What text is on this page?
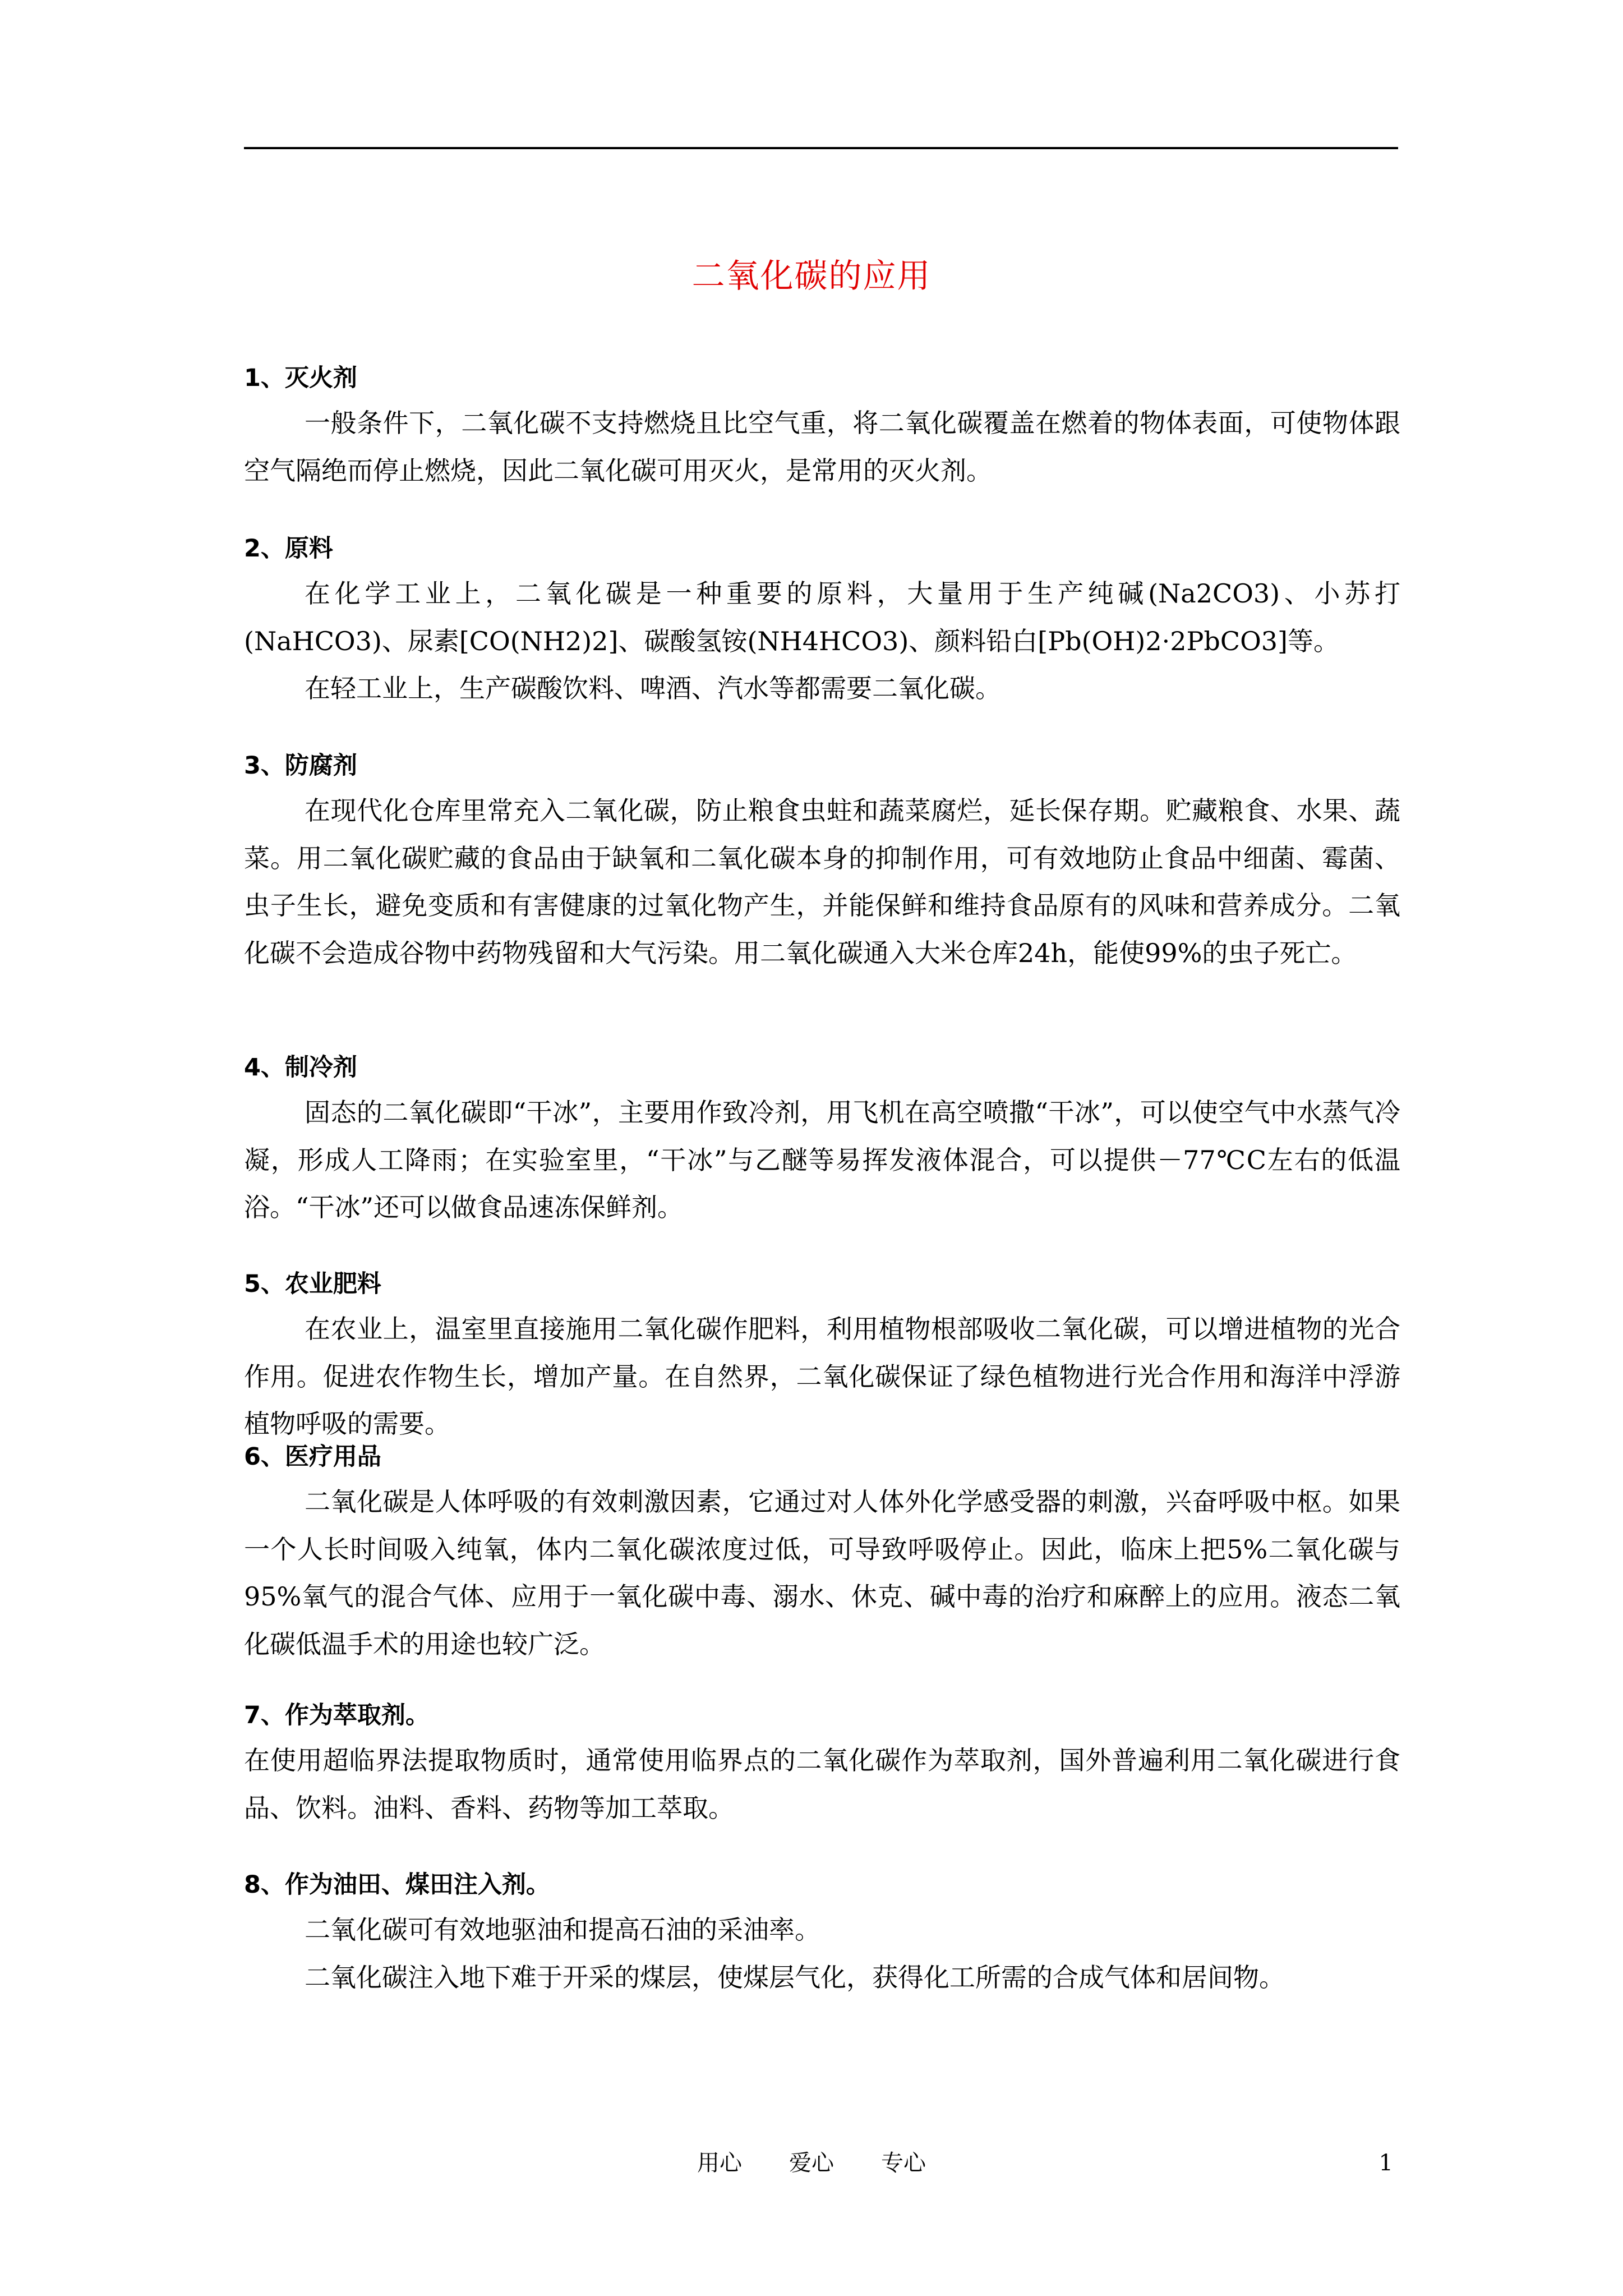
二氧化碳的应用
1、灭火剂

一般条件下，二氧化碳不支持燃烧且比空气重，将二氧化碳覆盖在燃着的物体表面，可使物体跟空气隔绝而停止燃烧，因此二氧化碳可用灭火，是常用的灭火剂。

2、原料

在化学工业上，二氧化碳是一种重要的原料，大量用于生产纯碱(Na2CO3)、小苏打(NaHCO3)、尿素[CO(NH2)2]、碳酸氢铵(NH4HCO3)、颜料铅白[Pb(OH)2·2PbCO3]等。

在轻工业上，生产碳酸饮料、啤酒、汽水等都需要二氧化碳。

3、防腐剂

在现代化仓库里常充入二氧化碳，防止粮食虫蛀和蔬菜腐烂，延长保存期。贮藏粮食、水果、蔬菜。用二氧化碳贮藏的食品由于缺氧和二氧化碳本身的抑制作用，可有效地防止食品中细菌、霉菌、虫子生长，避免变质和有害健康的过氧化物产生，并能保鲜和维持食品原有的风味和营养成分。二氧化碳不会造成谷物中药物残留和大气污染。用二氧化碳通入大米仓库24h，能使99%的虫子死亡。

4、制冷剂

固态的二氧化碳即“干冰”，主要用作致冷剂，用飞机在高空喷撒“干冰”，可以使空气中水蒸气冷凝，形成人工降雨；在实验室里，“干冰”与乙醚等易挥发液体混合，可以提供－77℃C左右的低温浴。“干冰”还可以做食品速冻保鲜剂。

5、农业肥料

在农业上，温室里直接施用二氧化碳作肥料，利用植物根部吸收二氧化碳，可以增进植物的光合作用。促进农作物生长，增加产量。在自然界，二氧化碳保证了绿色植物进行光合作用和海洋中浮游植物呼吸的需要。

6、医疗用品

二氧化碳是人体呼吸的有效刺激因素，它通过对人体外化学感受器的刺激，兴奋呼吸中枢。如果一个人长时间吸入纯氧，体内二氧化碳浓度过低，可导致呼吸停止。因此，临床上把5%二氧化碳与95%氧气的混合气体、应用于一氧化碳中毒、溺水、休克、碱中毒的治疗和麻醉上的应用。液态二氧化碳低温手术的用途也较广泛。

7、作为萃取剂。

在使用超临界法提取物质时，通常使用临界点的二氧化碳作为萃取剂，国外普遍利用二氧化碳进行食品、饮料。油料、香料、药物等加工萃取。

8、作为油田、煤田注入剂。

二氧化碳可有效地驱油和提高石油的采油率。

二氧化碳注入地下难于开采的煤层，使煤层气化，获得化工所需的合成气体和居间物。

用心 爱心 专心	1
